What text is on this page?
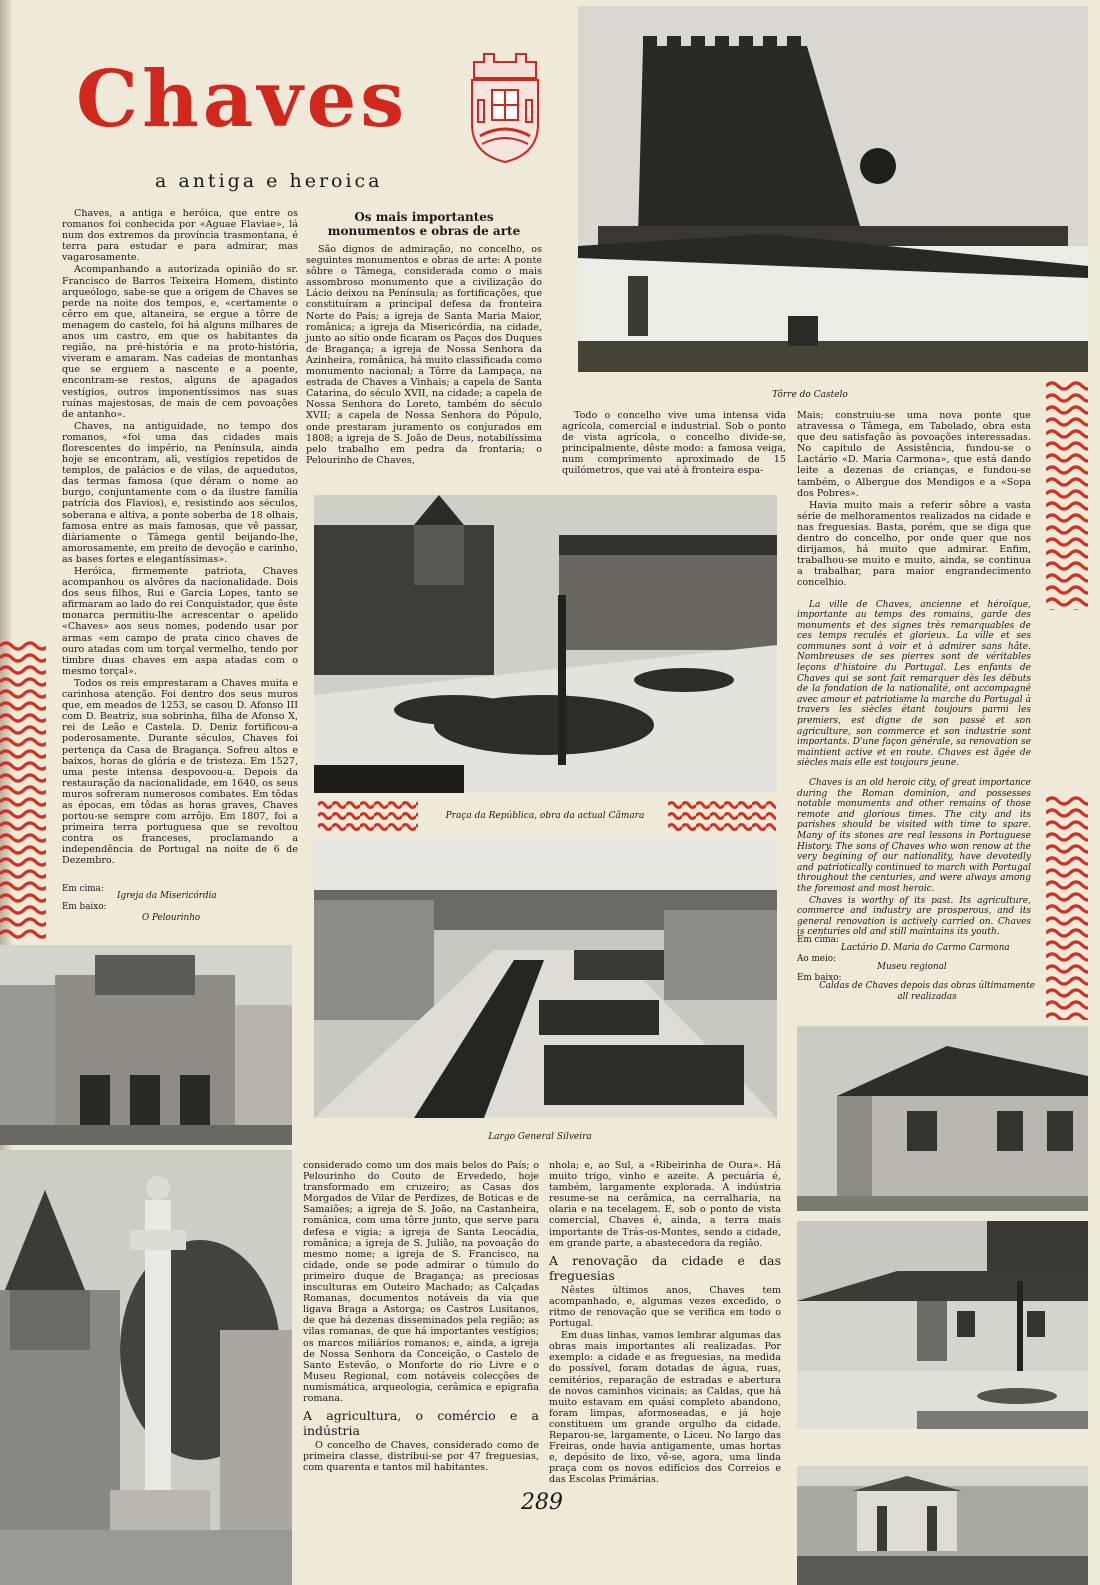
Chaves
a antiga e heroica
Tôrre do Castelo

Chaves, a antiga e heróica, que entre os romanos foi conhecida por «Aguae Flaviae», lá num dos extremos da província trasmontana, é terra para estudar e para admirar, mas vagarosamente.

Acompanhando a autorizada opinião do sr. Francisco de Barros Teixeira Homem, distinto arqueólogo, sabe-se que a origem de Chaves se perde na noite dos tempos, e, «certamente o cêrro em que, altaneira, se ergue a tôrre de menagem do castelo, foi há alguns milhares de anos um castro, em que os habitantes da região, na pré-história e na proto-história, viveram e amaram. Nas cadeias de montanhas que se erguem a nascente e a poente, encontram-se restos, alguns de apagados vestígios, outros imponentíssimos nas suas ruínas majestosas, de mais de cem povoações de antanho».

Chaves, na antiguidade, no tempo dos romanos, «foi uma das cidades mais florescentes do império, na Península, ainda hoje se encontram, ali, vestígios repetidos de templos, de palácios e de vilas, de aquedutos, das termas famosa (que déram o nome ao burgo, conjuntamente com o da ilustre família patrícia dos Flavios), e, resistindo aos séculos, soberana e altiva, a ponte soberba de 18 olhais, famosa entre as mais famosas, que vê passar, diàriamente o Tâmega gentil beijando-lhe, amorosamente, em preito de devoção e carinho, as bases fortes e elegantíssimas».

Heróica, firmemente patriota, Chaves acompanhou os alvôres da nacionalidade. Dois dos seus filhos, Rui e Garcia Lopes, tanto se afirmaram ao lado do rei Conquistador, que êste monarca permitiu-lhe acrescentar o apelido «Chaves» aos seus nomes, podendo usar por armas «em campo de prata cinco chaves de ouro atadas com um torçal vermelho, tendo por timbre duas chaves em aspa atadas com o mesmo torçal».

Todos os reis emprestaram a Chaves muita e carinhosa atenção. Foi dentro dos seus muros que, em meados de 1253, se casou D. Afonso III com D. Beatriz, sua sobrinha, filha de Afonso X, rei de Leão e Castela. D. Deniz fortificou-a poderosamente. Durante séculos, Chaves foi pertença da Casa de Bragança. Sofreu altos e baixos, horas de glória e de tristeza. Em 1527, uma peste intensa despovoou-a. Depois da restauração da nacionalidade, em 1640, os seus muros sofreram numerosos combates. Em tôdas as épocas, em tôdas as horas graves, Chaves portou-se sempre com arrôjo. Em 1807, foi a primeira terra portuguesa que se revoltou contra os franceses, proclamando a independência de Portugal na noite de 6 de Dezembro.

Em cima:
Igreja da Misericórdia
Em baixo:
O Pelourinho
Os mais importantes monumentos e obras de arte

São dignos de admiração, no concelho, os seguintes monumentos e obras de arte: A ponte sôbre o Tâmega, considerada como o mais assombroso monumento que a civilização do Lácio deixou na Península; as fortificações, que constituíram a principal defesa da fronteira Norte do País; a igreja de Santa Maria Maior, românica; a igreja da Misericórdia, na cidade, junto ao sítio onde ficaram os Paços dos Duques de Bragança; a igreja de Nossa Senhora da Azinheira, românica, há muito classificada como monumento nacional; a Tôrre da Lampaça, na estrada de Chaves a Vinhais; a capela de Santa Catarina, do século XVII, na cidade; a capela de Nossa Senhora do Loreto, também do século XVII; a capela de Nossa Senhora do Pópulo, onde prestaram juramento os conjurados em 1808; a igreja de S. João de Deus, notabilíssima pelo trabalho em pedra da frontaria; o Pelourinho de Chaves,

Todo o concelho vive uma intensa vida agrícola, comercial e industrial. Sob o ponto de vista agrícola, o concelho divide-se, principalmente, dêste modo: a famosa veiga, num comprimento aproximado de 15 quilómetros, que vai até à fronteira espa-

Praça da República, obra da actual Câmara
Largo General Silveira

Mais; construiu-se uma nova ponte que atravessa o Tâmega, em Tabolado, obra esta que deu satisfação às povoações interessadas. No capítulo de Assistência, fundou-se o Lactário «D. Maria Carmona», que está dando leite a dezenas de crianças, e fundou-se também, o Albergue dos Mendigos e a «Sopa dos Pobres».

Havia muito mais a referir sôbre a vasta série de melhoramentos realizados na cidade e nas freguesias. Basta, porém, que se diga que dentro do concelho, por onde quer que nos dirijamos, há muito que admirar. Enfim, trabalhou-se muito e muito, ainda, se continua a trabalhar, para maior engrandecimento concelhio.

La ville de Chaves, ancienne et héroïque, importante au temps des romains, garde des monuments et des signes très remarquables de ces temps reculés et glorieux. La ville et ses communes sont à voir et à admirer sans hâte. Nombreuses de ses pierres sont de véritables leçons d'histoire du Portugal. Les enfants de Chaves qui se sont fait remarquer dès les débuts de la fondation de la nationalité, ont accompagné avec amour et patriotisme la marche du Portugal à travers les siècles étant toujours parmi les premiers, est digne de son passé et son agriculture, son commerce et son industrie sont importants. D'une façon générale, sa renovation se maintient active et en route. Chaves est âgée de siècles mais elle est toujours jeune.

Chaves is an old heroic city, of great importance during the Roman dominion, and possesses notable monuments and other remains of those remote and glorious times. The city and its parishes should be visited with time to spare. Many of its stones are real lessons in Portuguese History. The sons of Chaves who won renow at the very begining of our nationality, have devotedly and patriotically continued to march with Portugal throughout the centuries, and were always among the foremost and most heroic.

Chaves is worthy of its past. Its agriculture, commerce and industry are prosperous, and its general renovation is actively carried on. Chaves is centuries old and still maintains its youth.

Em cima:
Lactário D. Maria do Carmo Carmona
Ao meio:
Museu regional
Em baixo:
Caldas de Chaves depois das obras últimamente all realizadas

considerado como um dos mais belos do País; o Pelourinho do Couto de Ervededo, hoje transformado em cruzeiro; as Casas dos Morgados de Vilar de Perdizes, de Boticas e de Samaiões; a igreja de S. João, na Castanheira, românica, com uma tôrre junto, que serve para defesa e vigia; a igreja de Santa Leocádia, românica; a igreja de S. Julião, na povoação do mesmo nome; a igreja de S. Francisco, na cidade, onde se pode admirar o túmulo do primeiro duque de Bragança; as preciosas insculturas em Outeiro Machado; as Calçadas Romanas, documentos notáveis da via que ligava Braga a Astorga; os Castros Lusitanos, de que há dezenas disseminados pela região; as vilas romanas, de que há importantes vestígios; os marcos miliários romanos; e, ainda, a igreja de Nossa Senhora da Conceição, o Castelo de Santo Estevão, o Monforte do rio Livre e o Museu Regional, com notáveis colecções de numismática, arqueologia, cerâmica e epigrafia romana.

A agricultura, o comércio e a indústria

O concelho de Chaves, considerado como de primeira classe, distribui-se por 47 freguesias, com quarenta e tantos mil habitantes.

nhola; e, ao Sul, a «Ribeirinha de Oura». Há muito trigo, vinho e azeite. A pecuária é, também, largamente explorada. A indústria resume-se na cerâmica, na cerralharia, na olaria e na tecelagem. E, sob o ponto de vista comercial, Chaves é, ainda, a terra mais importante de Trás-os-Montes, sendo a cidade, em grande parte, a abastecedora da região.

A renovação da cidade e das freguesias

Nêstes últimos anos, Chaves tem acompanhado, e, algumas vezes excedido, o ritmo de renovação que se verifica em todo o Portugal.

Em duas linhas, vamos lembrar algumas das obras mais importantes alí realizadas. Por exemplo: a cidade e as freguesias, na medida do possível, foram dotadas de água, ruas, cemitérios, reparação de estradas e abertura de novos caminhos vicinais; as Caldas, que há muito estavam em quási completo abandono, foram limpas, aformoseadas, e já hoje constituem um grande orgulho da cidade. Reparou-se, largamente, o Liceu. No largo das Freiras, onde havia antigamente, umas hortas e, depósito de lixo, vê-se, agora, uma linda praça com os novos edifícios dos Correios e das Escolas Primárias.

289
